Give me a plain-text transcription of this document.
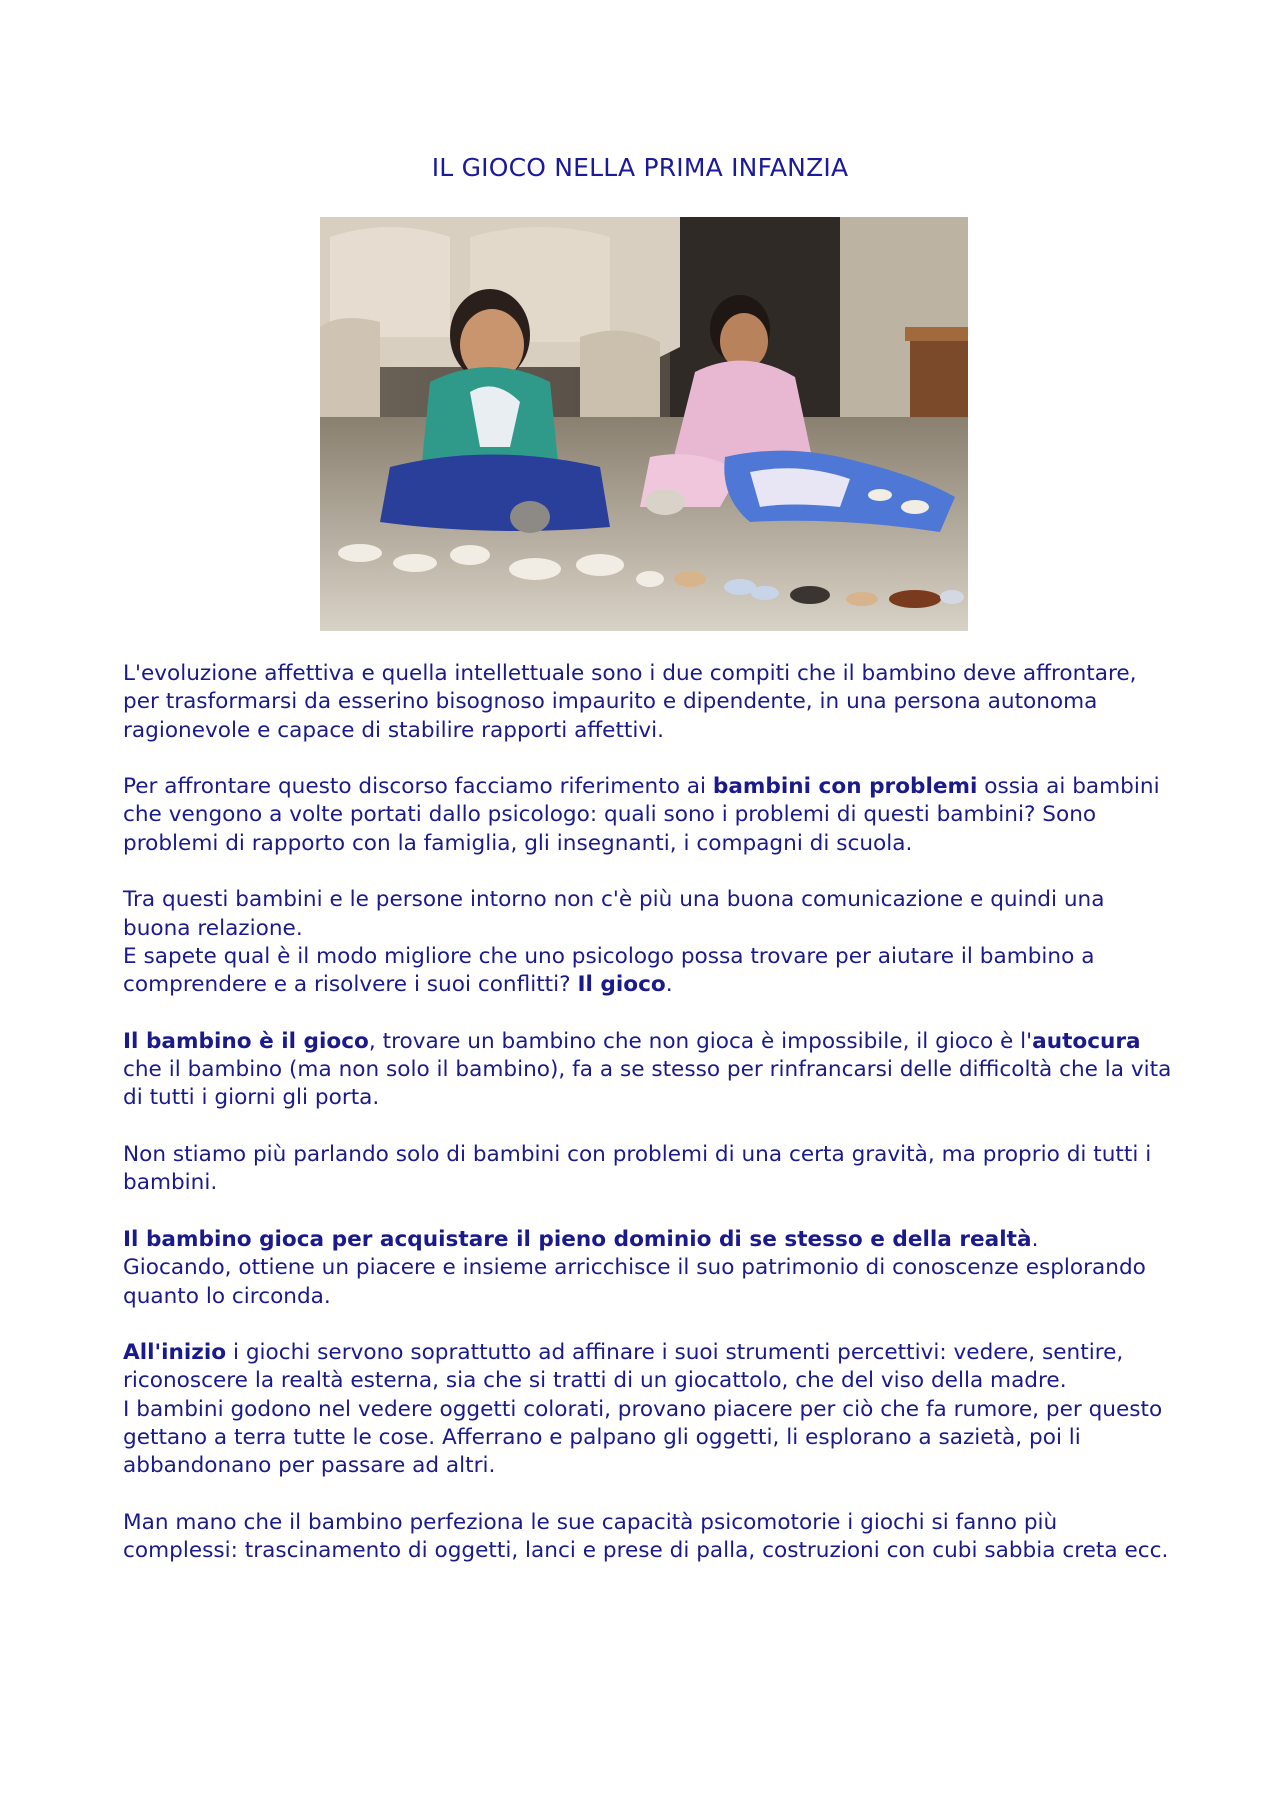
IL GIOCO NELLA PRIMA INFANZIA

L'evoluzione affettiva e quella intellettuale sono i due compiti che il bambino deve affrontare, per trasformarsi da esserino bisognoso impaurito e dipendente, in una persona autonoma ragionevole e capace di stabilire rapporti affettivi.

Per affrontare questo discorso facciamo riferimento ai bambini con problemi ossia ai bambini che vengono a volte portati dallo psicologo: quali sono i problemi di questi bambini? Sono problemi di rapporto con la famiglia, gli insegnanti, i compagni di scuola.

Tra questi bambini e le persone intorno non c'è più una buona comunicazione e quindi una buona relazione.
E sapete qual è il modo migliore che uno psicologo possa trovare per aiutare il bambino a comprendere e a risolvere i suoi conflitti? Il gioco.

Il bambino è il gioco, trovare un bambino che non gioca è impossibile, il gioco è l'autocura che il bambino (ma non solo il bambino), fa a se stesso per rinfrancarsi delle difficoltà che la vita di tutti i giorni gli porta.

Non stiamo più parlando solo di bambini con problemi di una certa gravità, ma proprio di tutti i bambini.

Il bambino gioca per acquistare il pieno dominio di se stesso e della realtà.
Giocando, ottiene un piacere e insieme arricchisce il suo patrimonio di conoscenze esplorando quanto lo circonda.

All'inizio i giochi servono soprattutto ad affinare i suoi strumenti percettivi: vedere, sentire, riconoscere la realtà esterna, sia che si tratti di un giocattolo, che del viso della madre.
I bambini godono nel vedere oggetti colorati, provano piacere per ciò che fa rumore, per questo gettano a terra tutte le cose. Afferrano e palpano gli oggetti, li esplorano a sazietà, poi li abbandonano per passare ad altri.

Man mano che il bambino perfeziona le sue capacità psicomotorie i giochi si fanno più complessi: trascinamento di oggetti, lanci e prese di palla, costruzioni con cubi sabbia creta ecc.
